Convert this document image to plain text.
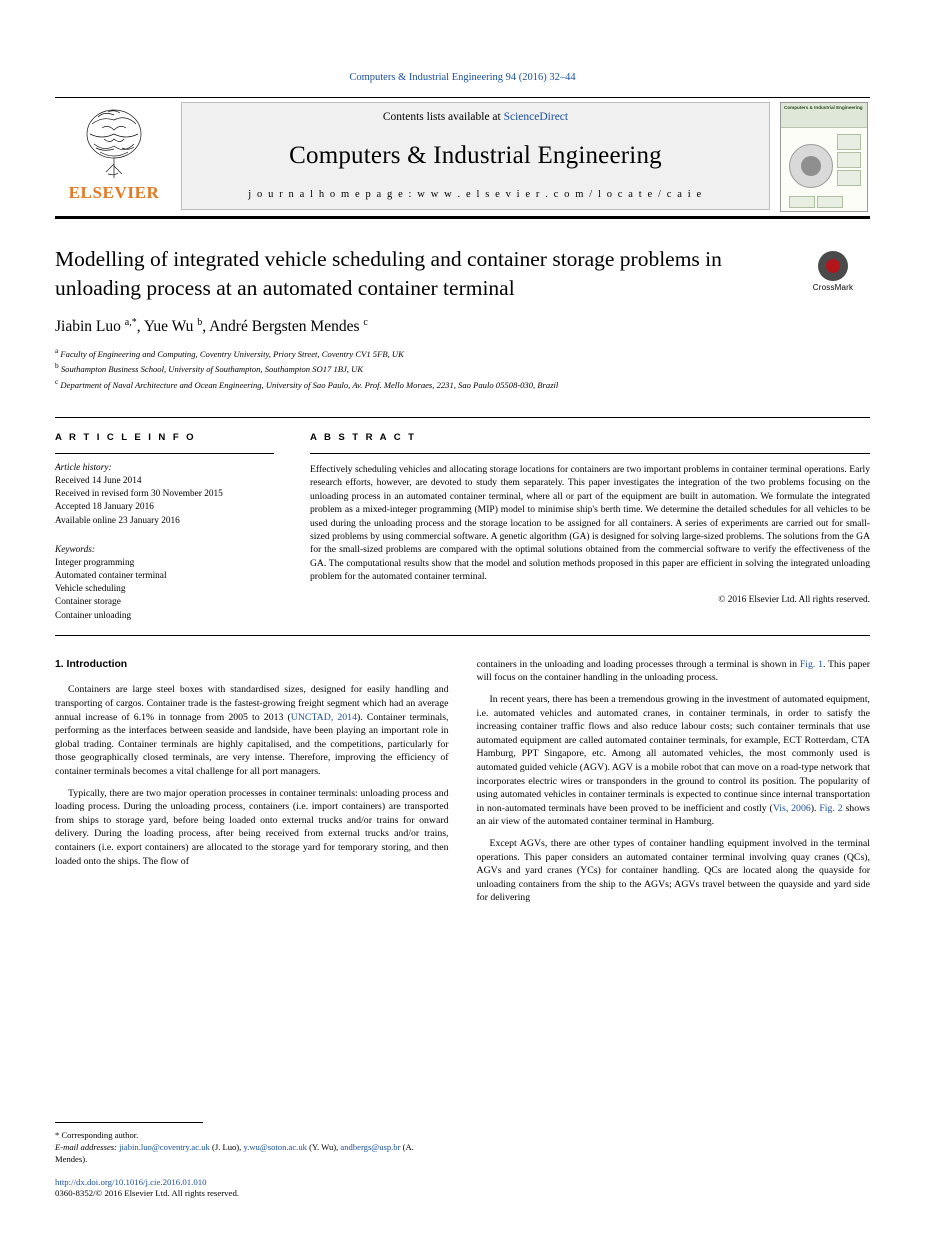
Computers & Industrial Engineering 94 (2016) 32–44
ELSEVIER
Contents lists available at ScienceDirect
Computers & Industrial Engineering
j o u r n a l h o m e p a g e : w w w . e l s e v i e r . c o m / l o c a t e / c a i e
Computers & Industrial Engineering
Modelling of integrated vehicle scheduling and container storage problems in unloading process at an automated container terminal	CrossMark
Jiabin Luo $^{a,*}$, Yue Wu $^b$, André Bergsten Mendes $^c$
$^a$ Faculty of Engineering and Computing, Coventry University, Priory Street, Coventry CV1 5FB, UK
$^b$ Southampton Business School, University of Southampton, Southampton SO17 1BJ, UK
$^c$ Department of Naval Architecture and Ocean Engineering, University of Sao Paulo, Av. Prof. Mello Moraes, 2231, Sao Paulo 05508-030, Brazil
A R T I C L E I N F O
Article history:
Received 14 June 2014
Received in revised form 30 November 2015
Accepted 18 January 2016
Available online 23 January 2016
Keywords:
Integer programming
Automated container terminal
Vehicle scheduling
Container storage
Container unloading
A B S T R A C T
Effectively scheduling vehicles and allocating storage locations for containers are two important problems in container terminal operations. Early research efforts, however, are devoted to study them separately. This paper investigates the integration of the two problems focusing on the unloading process in an automated container terminal, where all or part of the equipment are built in automation. We formulate the integrated problem as a mixed-integer programming (MIP) model to minimise ship's berth time. We determine the detailed schedules for all vehicles to be used during the unloading process and the storage location to be assigned for all containers. A series of experiments are carried out for small-sized problems by using commercial software. A genetic algorithm (GA) is designed for solving large-sized problems. The solutions from the GA for the small-sized problems are compared with the optimal solutions obtained from the commercial software to verify the effectiveness of the GA. The computational results show that the model and solution methods proposed in this paper are efficient in solving the integrated unloading problem for the automated container terminal.
© 2016 Elsevier Ltd. All rights reserved.
1. Introduction

Containers are large steel boxes with standardised sizes, designed for easily handling and transporting of cargos. Container trade is the fastest-growing freight segment which had an average annual increase of 6.1% in tonnage from 2005 to 2013 (UNCTAD, 2014). Container terminals, performing as the interfaces between seaside and landside, have been playing an important role in global trading. Container terminals are highly capitalised, and the competitions, particularly for those geographically closed terminals, are very intense. Therefore, improving the efficiency of container terminals becomes a vital challenge for all port managers.

Typically, there are two major operation processes in container terminals: unloading process and loading process. During the unloading process, containers (i.e. import containers) are transported from ships to storage yard, before being loaded onto external trucks and/or trains for onward delivery. During the loading process, after being received from external trucks and/or trains, containers (i.e. export containers) are allocated to the storage yard for temporary storing, and then loaded onto the ships. The flow of

containers in the unloading and loading processes through a terminal is shown in Fig. 1. This paper will focus on the container handling in the unloading process.

In recent years, there has been a tremendous growing in the investment of automated equipment, i.e. automated vehicles and automated cranes, in container terminals, in order to satisfy the increasing container traffic flows and also reduce labour costs; such container terminals that use automated equipment are called automated container terminals, for example, ECT Rotterdam, CTA Hamburg, PPT Singapore, etc. Among all automated vehicles, the most commonly used is automated guided vehicle (AGV). AGV is a mobile robot that can move on a road-type network that incorporates electric wires or transponders in the ground to control its position. The popularity of using automated vehicles in container terminals is expected to continue since internal transportation in non-automated terminals have been proved to be inefficient and costly (Vis, 2006). Fig. 2 shows an air view of the automated container terminal in Hamburg.

Except AGVs, there are other types of container handling equipment involved in the terminal operations. This paper considers an automated container terminal involving quay cranes (QCs), AGVs and yard cranes (YCs) for container handling. QCs are located along the quayside for unloading containers from the ship to the AGVs; AGVs travel between the quayside and yard side for delivering

* Corresponding author.
E-mail addresses: jiabin.luo@coventry.ac.uk (J. Luo), y.wu@soton.ac.uk (Y. Wu), andbergs@usp.br (A. Mendes).
http://dx.doi.org/10.1016/j.cie.2016.01.010
0360-8352/© 2016 Elsevier Ltd. All rights reserved.
